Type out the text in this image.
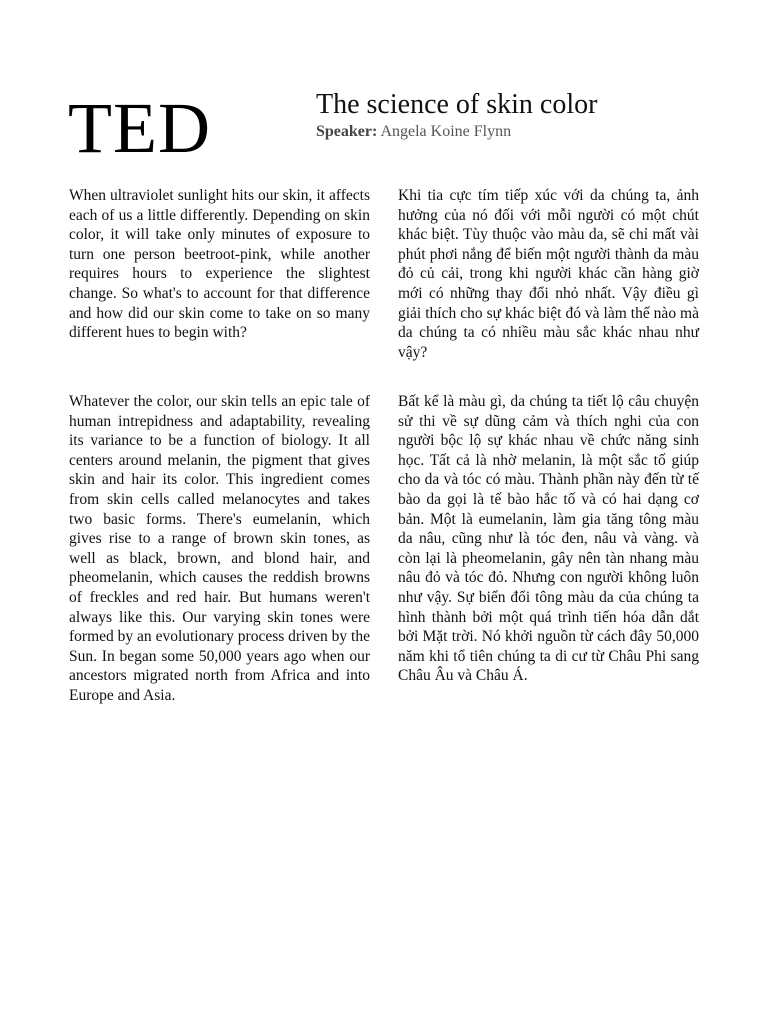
TED	The science of skin color
Speaker: Angela Koine Flynn

When ultraviolet sunlight hits our skin, it affects each of us a little differently. Depending on skin color, it will take only minutes of exposure to turn one person beetroot-pink, while another requires hours to experience the slightest change. So what's to account for that difference and how did our skin come to take on so many different hues to begin with?

Khi tia cực tím tiếp xúc với da chúng ta, ảnh hưởng của nó đối với mỗi người có một chút khác biệt. Tùy thuộc vào màu da, sẽ chỉ mất vài phút phơi nắng để biến một người thành da màu đỏ củ cải, trong khi người khác cần hàng giờ mới có những thay đổi nhỏ nhất. Vậy điều gì giải thích cho sự khác biệt đó và làm thế nào mà da chúng ta có nhiều màu sắc khác nhau như vậy?

Whatever the color, our skin tells an epic tale of human intrepidness and adaptability, revealing its variance to be a function of biology. It all centers around melanin, the pigment that gives skin and hair its color. This ingredient comes from skin cells called melanocytes and takes two basic forms. There's eumelanin, which gives rise to a range of brown skin tones, as well as black, brown, and blond hair, and pheomelanin, which causes the reddish browns of freckles and red hair. But humans weren't always like this. Our varying skin tones were formed by an evolutionary process driven by the Sun. In began some 50,000 years ago when our ancestors migrated north from Africa and into Europe and Asia.

Bất kể là màu gì, da chúng ta tiết lộ câu chuyện sử thi về sự dũng cảm và thích nghi của con người bộc lộ sự khác nhau về chức năng sinh học. Tất cả là nhờ melanin, là một sắc tố giúp cho da và tóc có màu. Thành phần này đến từ tế bào da gọi là tế bào hắc tố và có hai dạng cơ bản. Một là eumelanin, làm gia tăng tông màu da nâu, cũng như là tóc đen, nâu và vàng. và còn lại là pheomelanin, gây nên tàn nhang màu nâu đỏ và tóc đỏ. Nhưng con người không luôn như vậy. Sự biến đổi tông màu da của chúng ta hình thành bởi một quá trình tiến hóa dẫn dắt bởi Mặt trời. Nó khởi nguồn từ cách đây 50,000 năm khi tổ tiên chúng ta di cư từ Châu Phi sang Châu Âu và Châu Á.
